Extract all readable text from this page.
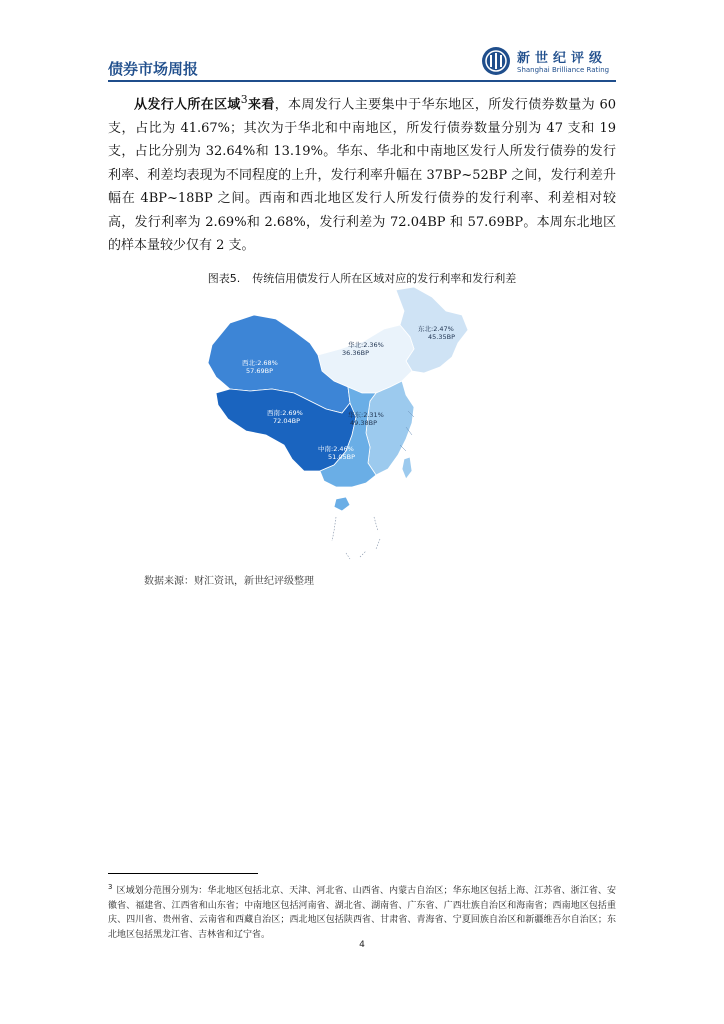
债券市场周报
新世纪评级
Shanghai Brilliance Rating

从发行人所在区域$^3$来看，本周发行人主要集中于华东地区，所发行债券数量为 60 支，占比为 41.67%；其次为于华北和中南地区，所发行债券数量分别为 47 支和 19 支，占比分别为 32.64%和 13.19%。华东、华北和中南地区发行人所发行债券的发行利率、利差均表现为不同程度的上升，发行利率升幅在 37BP~52BP 之间，发行利差升幅在 4BP~18BP 之间。西南和西北地区发行人所发行债券的发行利率、利差相对较高，发行利率为 2.69%和 2.68%，发行利差为 72.04BP 和 57.69BP。本周东北地区的样本量较少仅有 2 支。

图表5. 传统信用债发行人所在区域对应的发行利率和发行利差
东北:2.47%
45.35BP
华北:2.36%
36.36BP
西北:2.68%
57.69BP
西南:2.69%
72.04BP
华东:2.31%
49.38BP
中南:2.46%
51.05BP
数据来源：财汇资讯，新世纪评级整理
$^3$ 区域划分范围分别为：华北地区包括北京、天津、河北省、山西省、内蒙古自治区；华东地区包括上海、江苏省、浙江省、安徽省、福建省、江西省和山东省；中南地区包括河南省、湖北省、湖南省、广东省、广西壮族自治区和海南省；西南地区包括重庆、四川省、贵州省、云南省和西藏自治区；西北地区包括陕西省、甘肃省、青海省、宁夏回族自治区和新疆维吾尔自治区；东北地区包括黑龙江省、吉林省和辽宁省。
4
